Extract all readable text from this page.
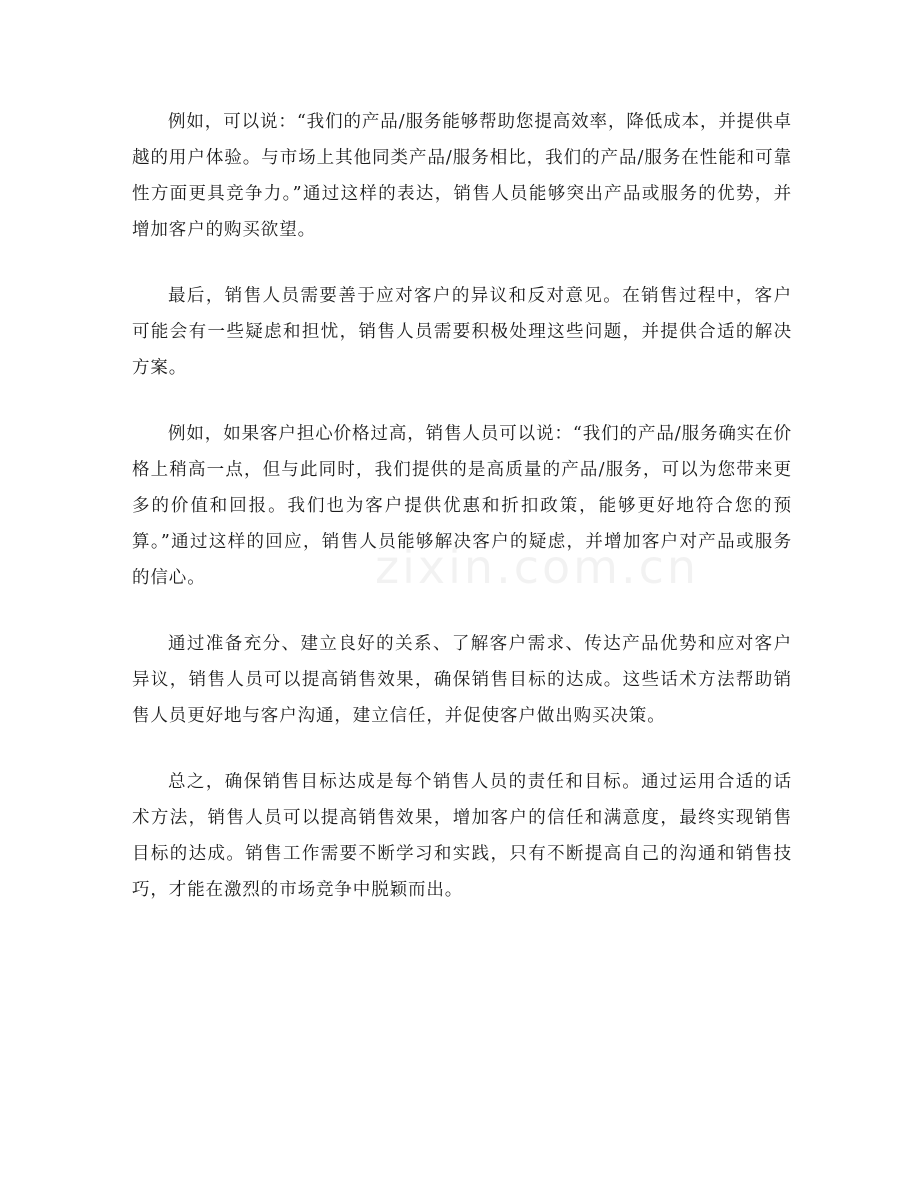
zixin.com.cn

例如，可以说：“我们的产品/服务能够帮助您提高效率，降低成本，并提供卓越的用户体验。与市场上其他同类产品/服务相比，我们的产品/服务在性能和可靠性方面更具竞争力。”通过这样的表达，销售人员能够突出产品或服务的优势，并增加客户的购买欲望。

最后，销售人员需要善于应对客户的异议和反对意见。在销售过程中，客户可能会有一些疑虑和担忧，销售人员需要积极处理这些问题，并提供合适的解决方案。

例如，如果客户担心价格过高，销售人员可以说：“我们的产品/服务确实在价格上稍高一点，但与此同时，我们提供的是高质量的产品/服务，可以为您带来更多的价值和回报。我们也为客户提供优惠和折扣政策，能够更好地符合您的预算。”通过这样的回应，销售人员能够解决客户的疑虑，并增加客户对产品或服务的信心。

通过准备充分、建立良好的关系、了解客户需求、传达产品优势和应对客户异议，销售人员可以提高销售效果，确保销售目标的达成。这些话术方法帮助销售人员更好地与客户沟通，建立信任，并促使客户做出购买决策。

总之，确保销售目标达成是每个销售人员的责任和目标。通过运用合适的话术方法，销售人员可以提高销售效果，增加客户的信任和满意度，最终实现销售目标的达成。销售工作需要不断学习和实践，只有不断提高自己的沟通和销售技巧，才能在激烈的市场竞争中脱颖而出。
